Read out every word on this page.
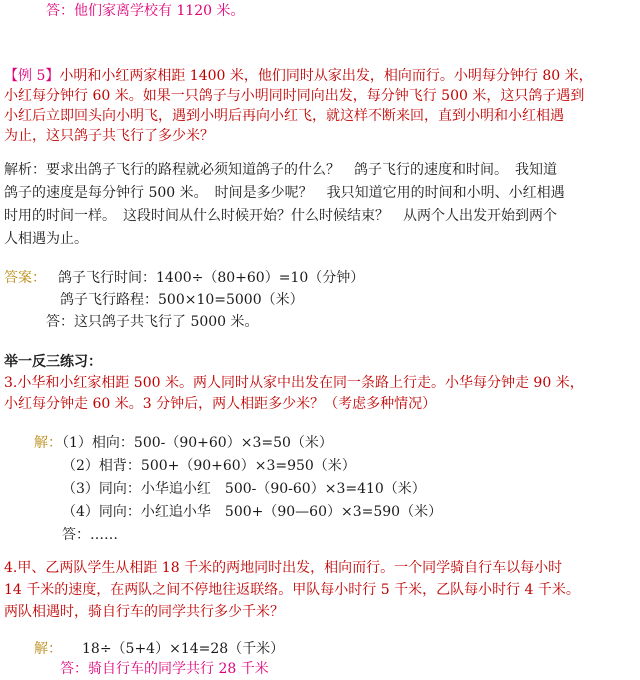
答：他们家离学校有 1120 米。
【例 5】小明和小红两家相距 1400 米，他们同时从家出发，相向而行。小明每分钟行 80 米，
小红每分钟行 60 米。如果一只鸽子与小明同时同向出发，每分钟飞行 500 米，这只鸽子遇到
小红后立即回头向小明飞，遇到小明后再向小红飞，就这样不断来回，直到小明和小红相遇
为止，这只鸽子共飞行了多少米？
解析：要求出鸽子飞行的路程就必须知道鸽子的什么？　鸽子飞行的速度和时间。　我知道
鸽子的速度是每分钟行 500 米。　时间是多少呢？　我只知道它用的时间和小明、小红相遇
时用的时间一样。　这段时间从什么时候开始？什么时候结束？　从两个人出发开始到两个
人相遇为止。
答案： 鸽子飞行时间：1400÷（80+60）=10（分钟）
鸽子飞行路程：500×10=5000（米）
答：这只鸽子共飞行了 5000 米。
举一反三练习：
3.小华和小红家相距 500 米。两人同时从家中出发在同一条路上行走。小华每分钟走 90 米，
小红每分钟走 60 米。3 分钟后，两人相距多少米？（考虑多种情况）
解：（1）相向：500-（90+60）×3=50（米）
（2）相背：500+（90+60）×3=950（米）
（3）同向：小华追小红　500-（90-60）×3=410（米）
（4）同向：小红追小华　500+（90—60）×3=590（米）
答：……
4.甲、乙两队学生从相距 18 千米的两地同时出发，相向而行。一个同学骑自行车以每小时
14 千米的速度，在两队之间不停地往返联络。甲队每小时行 5 千米，乙队每小时行 4 千米。
两队相遇时，骑自行车的同学共行多少千米？
解： 18÷（5+4）×14=28（千米）
答：骑自行车的同学共行 28 千米
